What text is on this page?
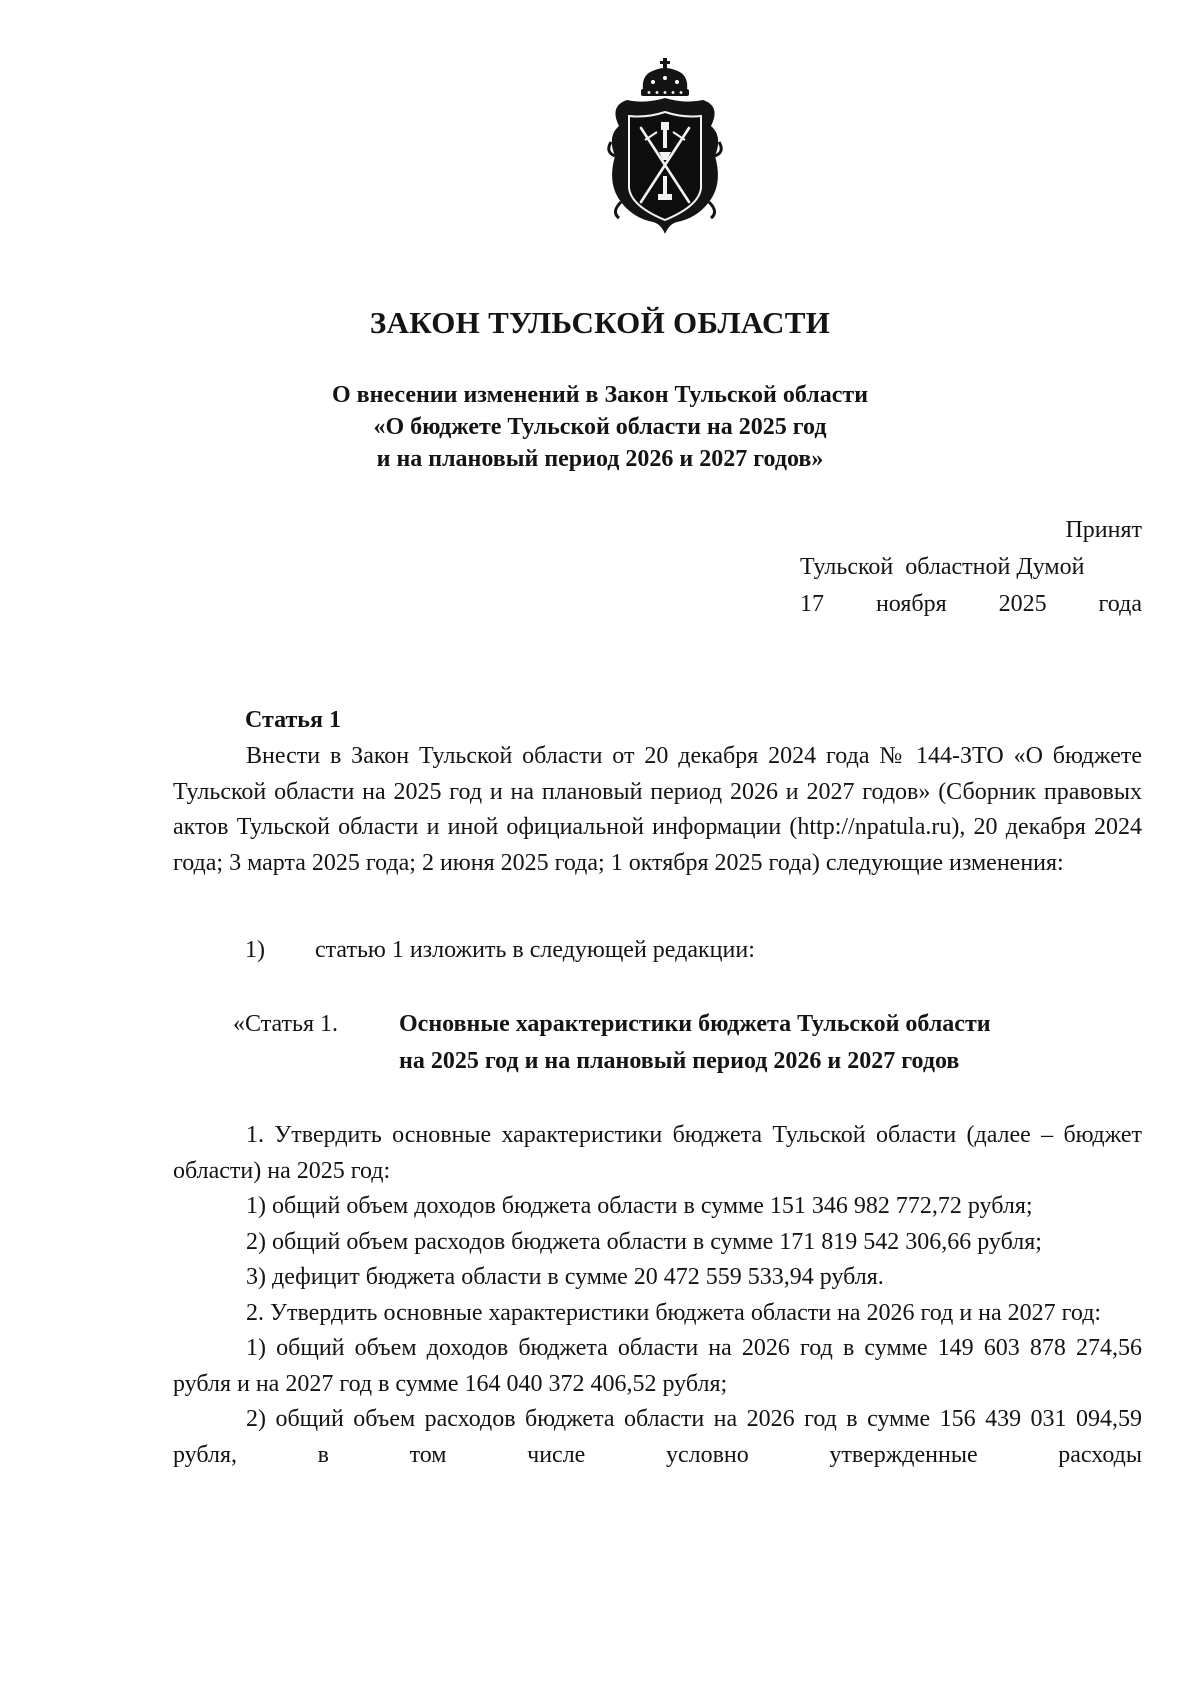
ЗАКОН ТУЛЬСКОЙ ОБЛАСТИ
О внесении изменений в Закон Тульской области
«О бюджете Тульской области на 2025 год
и на плановый период 2026 и 2027 годов»
Принят
Тульской  областной Думой
17 ноября 2025 года
Статья 1

Внести в Закон Тульской области от 20 декабря 2024 года № 144-ЗТО «О бюджете Тульской области на 2025 год и на плановый период 2026 и 2027 годов» (Сборник правовых актов Тульской области и иной официальной информации (http://npatula.ru), 20 декабря 2024 года; 3 марта 2025 года; 2 июня 2025 года; 1 октября 2025 года) следующие изменения:

1) статью 1 изложить в следующей редакции:
«Статья 1.	Основные характеристики бюджета Тульской области
на 2025 год и на плановый период 2026 и 2027 годов

1. Утвердить основные характеристики бюджета Тульской области (далее – бюджет области) на 2025 год:

1) общий объем доходов бюджета области в сумме 151 346 982 772,72 рубля;

2) общий объем расходов бюджета области в сумме 171 819 542 306,66 рубля;

3) дефицит бюджета области в сумме 20 472 559 533,94 рубля.

2. Утвердить основные характеристики бюджета области на 2026 год и на 2027 год:

1) общий объем доходов бюджета области на 2026 год в сумме 149 603 878 274,56 рубля и на 2027 год в сумме 164 040 372 406,52 рубля;

2) общий объем расходов бюджета области на 2026 год в сумме 156 439 031 094,59 рубля, в том числе условно утвержденные расходы
